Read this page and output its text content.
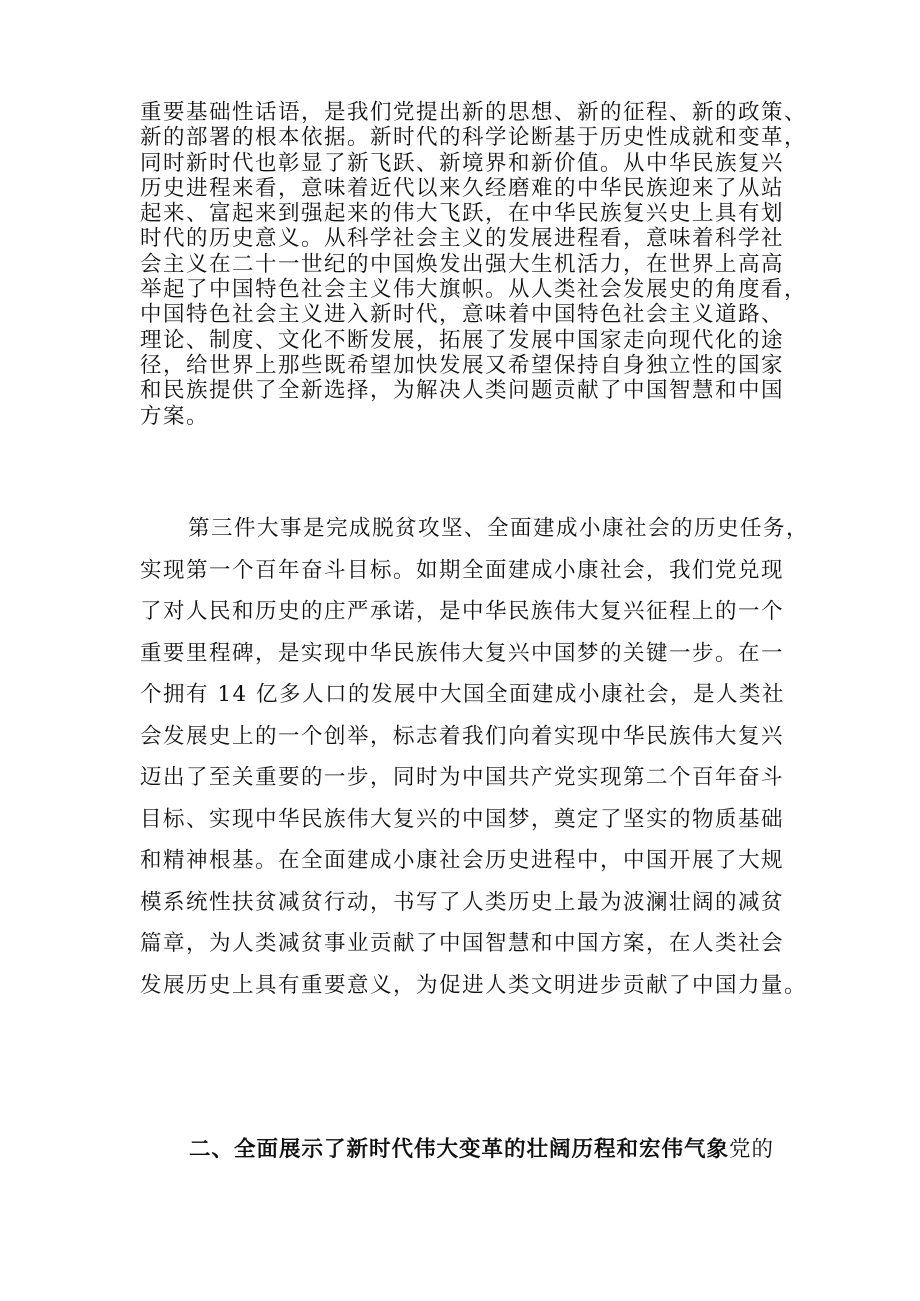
重要基础性话语，是我们党提出新的思想、新的征程、新的政策、
新的部署的根本依据。新时代的科学论断基于历史性成就和变革，
同时新时代也彰显了新飞跃、新境界和新价值。从中华民族复兴
历史进程来看，意味着近代以来久经磨难的中华民族迎来了从站
起来、富起来到强起来的伟大飞跃，在中华民族复兴史上具有划
时代的历史意义。从科学社会主义的发展进程看，意味着科学社
会主义在二十一世纪的中国焕发出强大生机活力，在世界上高高
举起了中国特色社会主义伟大旗帜。从人类社会发展史的角度看，
中国特色社会主义进入新时代，意味着中国特色社会主义道路、
理论、制度、文化不断发展，拓展了发展中国家走向现代化的途
径，给世界上那些既希望加快发展又希望保持自身独立性的国家
和民族提供了全新选择，为解决人类问题贡献了中国智慧和中国
方案。
第三件大事是完成脱贫攻坚、全面建成小康社会的历史任务，
实现第一个百年奋斗目标。如期全面建成小康社会，我们党兑现
了对人民和历史的庄严承诺，是中华民族伟大复兴征程上的一个
重要里程碑，是实现中华民族伟大复兴中国梦的关键一步。在一
个拥有 14 亿多人口的发展中大国全面建成小康社会，是人类社
会发展史上的一个创举，标志着我们向着实现中华民族伟大复兴
迈出了至关重要的一步，同时为中国共产党实现第二个百年奋斗
目标、实现中华民族伟大复兴的中国梦，奠定了坚实的物质基础
和精神根基。在全面建成小康社会历史进程中，中国开展了大规
模系统性扶贫减贫行动，书写了人类历史上最为波澜壮阔的减贫
篇章，为人类减贫事业贡献了中国智慧和中国方案，在人类社会
发展历史上具有重要意义，为促进人类文明进步贡献了中国力量。
二、全面展示了新时代伟大变革的壮阔历程和宏伟气象党的
